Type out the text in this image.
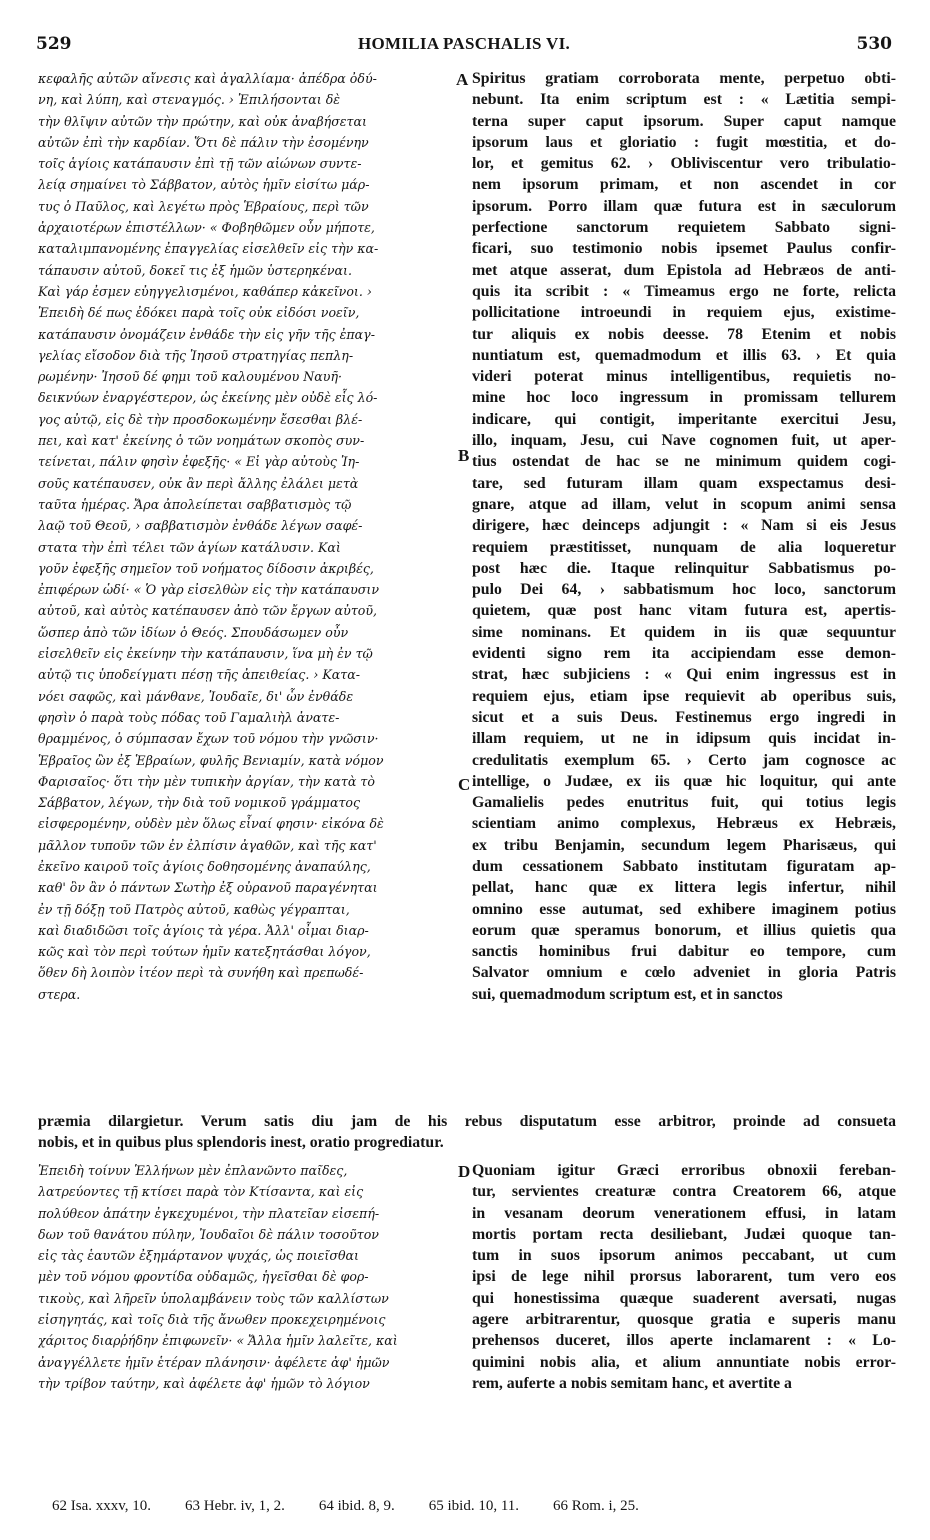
529	HOMILIA PASCHALIS VI.	530
A
B
C
D
κεφαλῆς αὐτῶν αἴνεσις καὶ ἀγαλλίαμα· ἀπέδρα ὀδύ-
νη, καὶ λύπη, καὶ στεναγμός. › Ἐπιλήσονται δὲ
τὴν θλῖψιν αὐτῶν τὴν πρώτην, καὶ οὐκ ἀναβήσεται
αὐτῶν ἐπὶ τὴν καρδίαν. Ὅτι δὲ πάλιν τὴν ἐσομένην
τοῖς ἁγίοις κατάπαυσιν ἐπὶ τῇ τῶν αἰώνων συντε-
λείᾳ σημαίνει τὸ Σάββατον, αὐτὸς ἡμῖν εἰσίτω μάρ-
τυς ὁ Παῦλος, καὶ λεγέτω πρὸς Ἑβραίους, περὶ τῶν
ἀρχαιοτέρων ἐπιστέλλων· « Φοβηθῶμεν οὖν μήποτε,
καταλιμπανομένης ἐπαγγελίας εἰσελθεῖν εἰς τὴν κα-
τάπαυσιν αὐτοῦ, δοκεῖ τις ἐξ ἡμῶν ὑστερηκέναι.
Καὶ γάρ ἐσμεν εὐηγγελισμένοι, καθάπερ κἀκεῖνοι. ›
Ἐπειδὴ δέ πως ἐδόκει παρὰ τοῖς οὐκ εἰδόσι νοεῖν,
κατάπαυσιν ὀνομάζειν ἐνθάδε τὴν εἰς γῆν τῆς ἐπαγ-
γελίας εἴσοδον διὰ τῆς Ἰησοῦ στρατηγίας πεπλη-
ρωμένην· Ἰησοῦ δέ φημι τοῦ καλουμένου Ναυῆ·
δεικνύων ἐναργέστερον, ὡς ἐκείνης μὲν οὐδὲ εἷς λό-
γος αὐτῷ, εἰς δὲ τὴν προσδοκωμένην ἔσεσθαι βλέ-
πει, καὶ κατ' ἐκείνης ὁ τῶν νοημάτων σκοπὸς συν-
τείνεται, πάλιν φησὶν ἐφεξῆς· « Εἰ γὰρ αὐτοὺς Ἰη-
σοῦς κατέπαυσεν, οὐκ ἂν περὶ ἄλλης ἐλάλει μετὰ
ταῦτα ἡμέρας. Ἄρα ἀπολείπεται σαββατισμὸς τῷ
λαῷ τοῦ Θεοῦ, › σαββατισμὸν ἐνθάδε λέγων σαφέ-
στατα τὴν ἐπὶ τέλει τῶν ἁγίων κατάλυσιν. Καὶ
γοῦν ἐφεξῆς σημεῖον τοῦ νοήματος δίδοσιν ἀκριβές,
ἐπιφέρων ὡδί· « Ὁ γὰρ εἰσελθὼν εἰς τὴν κατάπαυσιν
αὐτοῦ, καὶ αὐτὸς κατέπαυσεν ἀπὸ τῶν ἔργων αὐτοῦ,
ὥσπερ ἀπὸ τῶν ἰδίων ὁ Θεός. Σπουδάσωμεν οὖν
εἰσελθεῖν εἰς ἐκείνην τὴν κατάπαυσιν, ἵνα μὴ ἐν τῷ
αὐτῷ τις ὑποδείγματι πέσῃ τῆς ἀπειθείας. › Κατα-
νόει σαφῶς, καὶ μάνθανε, Ἰουδαῖε, δι' ὧν ἐνθάδε
φησὶν ὁ παρὰ τοὺς πόδας τοῦ Γαμαλιὴλ ἀνατε-
θραμμένος, ὁ σύμπασαν ἔχων τοῦ νόμου τὴν γνῶσιν·
Ἑβραῖος ὢν ἐξ Ἑβραίων, φυλῆς Βενιαμίν, κατὰ νόμον
Φαρισαῖος· ὅτι τὴν μὲν τυπικὴν ἀργίαν, τὴν κατὰ τὸ
Σάββατον, λέγων, τὴν διὰ τοῦ νομικοῦ γράμματος
εἰσφερομένην, οὐδὲν μὲν ὅλως εἶναί φησιν· εἰκόνα δὲ
μᾶλλον τυποῦν τῶν ἐν ἐλπίσιν ἀγαθῶν, καὶ τῆς κατ'
ἐκεῖνο καιροῦ τοῖς ἁγίοις δοθησομένης ἀναπαύλης,
καθ' ὃν ἂν ὁ πάντων Σωτὴρ ἐξ οὐρανοῦ παραγένηται
ἐν τῇ δόξῃ τοῦ Πατρὸς αὐτοῦ, καθὼς γέγραπται,
καὶ διαδιδῶσι τοῖς ἁγίοις τὰ γέρα. Ἀλλ' οἶμαι διαρ-
κῶς καὶ τὸν περὶ τούτων ἡμῖν κατεξητάσθαι λόγον,
ὅθεν δὴ λοιπὸν ἰτέον περὶ τὰ συνήθη καὶ πρεπωδέ-
στερα.
Spiritus gratiam corroborata mente, perpetuo obti-
nebunt. Ita enim scriptum est : « Lætitia sempi-
terna super caput ipsorum. Super caput namque
ipsorum laus et gloriatio : fugit mœstitia, et do-
lor, et gemitus 62. › Obliviscentur vero tribulatio-
nem ipsorum primam, et non ascendet in cor
ipsorum. Porro illam quæ futura est in sæculorum
perfectione sanctorum requietem Sabbato signi-
ficari, suo testimonio nobis ipsemet Paulus confir-
met atque asserat, dum Epistola ad Hebræos de anti-
quis ita scribit : « Timeamus ergo ne forte, relicta
pollicitatione introeundi in requiem ejus, existime-
tur aliquis ex nobis deesse. 78 Etenim et nobis
nuntiatum est, quemadmodum et illis 63. › Et quia
videri poterat minus intelligentibus, requietis no-
mine hoc loco ingressum in promissam tellurem
indicare, qui contigit, imperitante exercitui Jesu,
illo, inquam, Jesu, cui Nave cognomen fuit, ut aper-
tius ostendat de hac se ne minimum quidem cogi-
tare, sed futuram illam quam exspectamus desi-
gnare, atque ad illam, velut in scopum animi sensa
dirigere, hæc deinceps adjungit : « Nam si eis Jesus
requiem præstitisset, nunquam de alia loqueretur
post hæc die. Itaque relinquitur Sabbatismus po-
pulo Dei 64, › sabbatismum hoc loco, sanctorum
quietem, quæ post hanc vitam futura est, apertis-
sime nominans. Et quidem in iis quæ sequuntur
evidenti signo rem ita accipiendam esse demon-
strat, hæc subjiciens : « Qui enim ingressus est in
requiem ejus, etiam ipse requievit ab operibus suis,
sicut et a suis Deus. Festinemus ergo ingredi in
illam requiem, ut ne in idipsum quis incidat in-
credulitatis exemplum 65. › Certo jam cognosce ac
intellige, o Judæe, ex iis quæ hic loquitur, qui ante
Gamalielis pedes enutritus fuit, qui totius legis
scientiam animo complexus, Hebræus ex Hebræis,
ex tribu Benjamin, secundum legem Pharisæus, qui
dum cessationem Sabbato institutam figuratam ap-
pellat, hanc quæ ex littera legis infertur, nihil
omnino esse autumat, sed exhibere imaginem potius
eorum quæ speramus bonorum, et illius quietis qua
sanctis hominibus frui dabitur eo tempore, cum
Salvator omnium e cœlo adveniet in gloria Patris
sui, quemadmodum scriptum est, et in sanctos
præmia dilargietur. Verum satis diu jam de his rebus disputatum esse arbitror, proinde ad consueta
nobis, et in quibus plus splendoris inest, oratio progrediatur.
Ἐπειδὴ τοίνυν Ἑλλήνων μὲν ἐπλανῶντο παῖδες,
λατρεύοντες τῇ κτίσει παρὰ τὸν Κτίσαντα, καὶ εἰς
πολύθεον ἀπάτην ἐγκεχυμένοι, τὴν πλατεῖαν εἰσεπή-
δων τοῦ θανάτου πύλην, Ἰουδαῖοι δὲ πάλιν τοσοῦτον
εἰς τὰς ἑαυτῶν ἐξημάρτανον ψυχάς, ὡς ποιεῖσθαι
μὲν τοῦ νόμου φροντίδα οὐδαμῶς, ἡγεῖσθαι δὲ φορ-
τικοὺς, καὶ λῆρεῖν ὑπολαμβάνειν τοὺς τῶν καλλίστων
εἰσηγητάς, καὶ τοῖς διὰ τῆς ἄνωθεν προκεχειρημένοις
χάριτος διαρῥήδην ἐπιφωνεῖν· « Ἄλλα ἡμῖν λαλεῖτε, καὶ
ἀναγγέλλετε ἡμῖν ἑτέραν πλάνησιν· ἀφέλετε ἀφ' ἡμῶν
τὴν τρίβον ταύτην, καὶ ἀφέλετε ἀφ' ἡμῶν τὸ λόγιον
Quoniam igitur Græci erroribus obnoxii fereban-
tur, servientes creaturæ contra Creatorem 66, atque
in vesanam deorum venerationem effusi, in latam
mortis portam recta desiliebant, Judæi quoque tan-
tum in suos ipsorum animos peccabant, ut cum
ipsi de lege nihil prorsus laborarent, tum vero eos
qui honestissima quæque suaderent aversati, nugas
agere arbitrarentur, quosque gratia e superis manu
prehensos duceret, illos aperte inclamarent : « Lo-
quimini nobis alia, et alium annuntiate nobis error-
rem, auferte a nobis semitam hanc, et avertite a
62 Isa. xxxv, 10. 63 Hebr. iv, 1, 2. 64 ibid. 8, 9. 65 ibid. 10, 11. 66 Rom. i, 25.
